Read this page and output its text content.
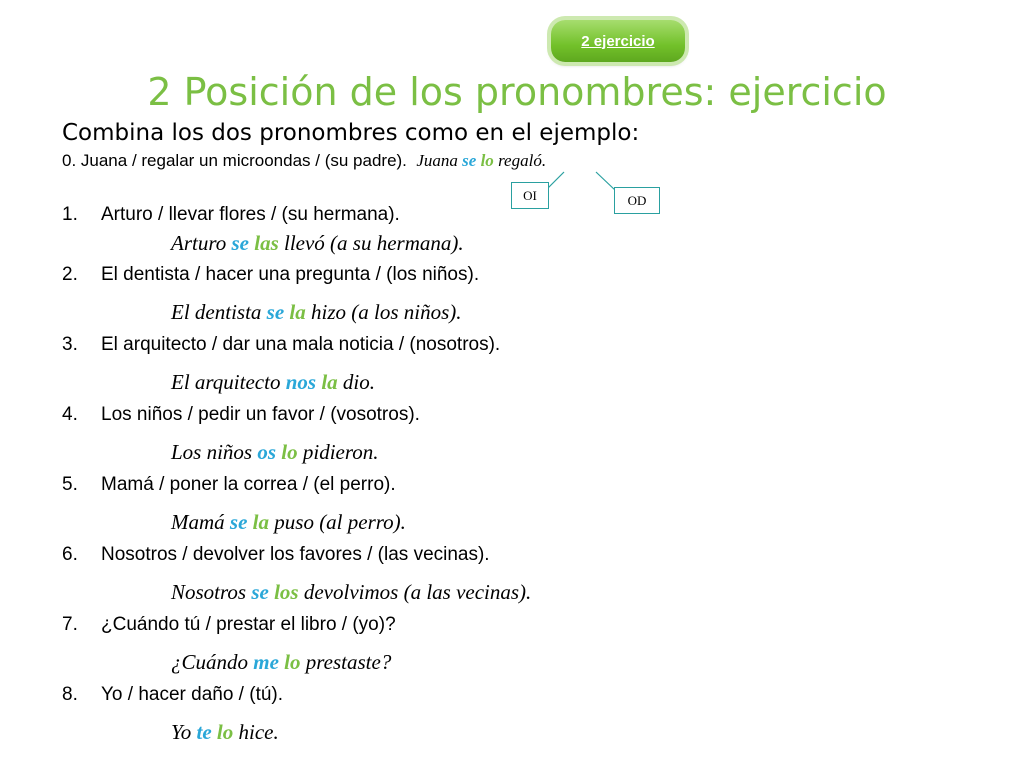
2 ejercicio
2 Posición de los pronombres: ejercicio
Combina los dos pronombres como en el ejemplo:
0. Juana / regalar un microondas / (su padre). Juana se lo regaló.
OI	OD
1. Arturo / llevar flores / (su hermana).
Arturo se las llevó (a su hermana).
2. El dentista / hacer una pregunta / (los niños).
El dentista se la hizo (a los niños).
3. El arquitecto / dar una mala noticia / (nosotros).
El arquitecto nos la dio.
4. Los niños / pedir un favor / (vosotros).
Los niños os lo pidieron.
5. Mamá / poner la correa / (el perro).
Mamá se la puso (al perro).
6. Nosotros / devolver los favores / (las vecinas).
Nosotros se los devolvimos (a las vecinas).
7. ¿Cuándo tú / prestar el libro / (yo)?
¿Cuándo me lo prestaste?
8. Yo / hacer daño / (tú).
Yo te lo hice.
